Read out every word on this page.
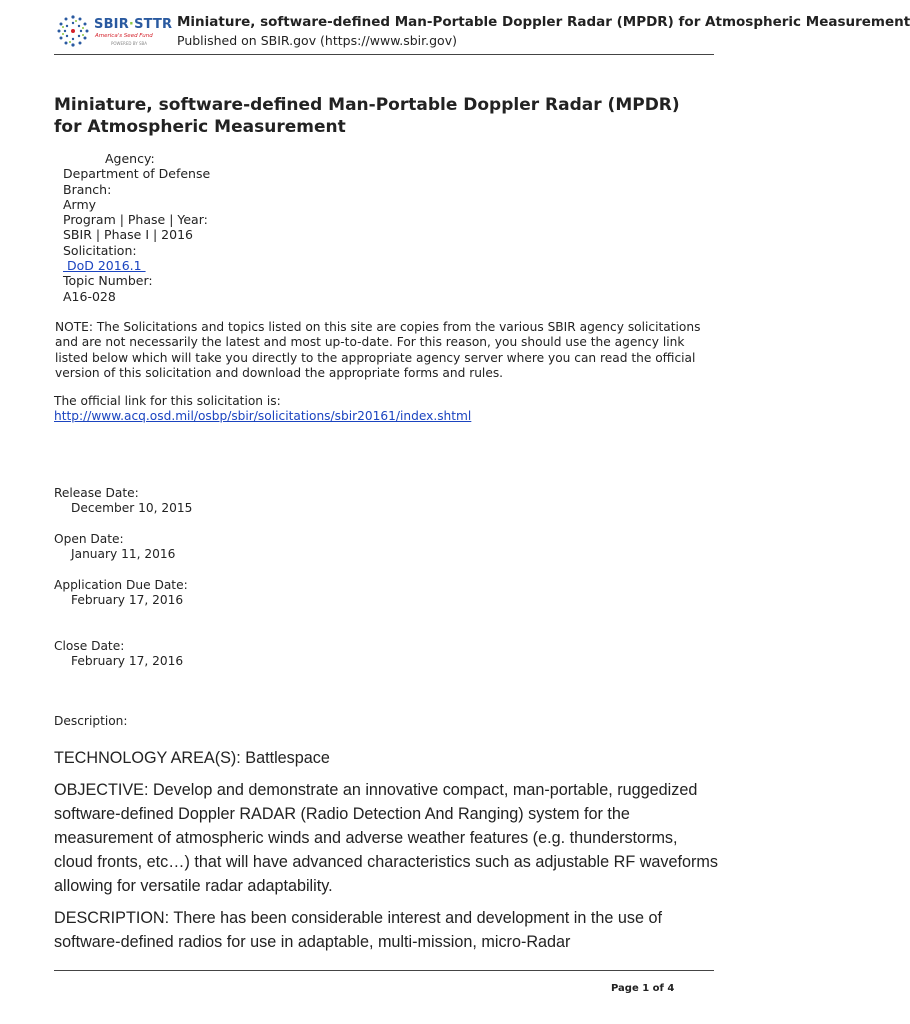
SBIR·STTR
America's Seed Fund
POWERED BY SBA
Miniature, software-defined Man-Portable Doppler Radar (MPDR) for Atmospheric Measurement
Published on SBIR.gov (https://www.sbir.gov)
Miniature, software-defined Man-Portable Doppler Radar (MPDR) for Atmospheric Measurement
Agency:
Department of Defense
Branch:
Army
Program | Phase | Year:
SBIR | Phase I | 2016
Solicitation:
DoD 2016.1
Topic Number:
A16-028
NOTE: The Solicitations and topics listed on this site are copies from the various SBIR agency solicitations and are not necessarily the latest and most up-to-date. For this reason, you should use the agency link listed below which will take you directly to the appropriate agency server where you can read the official version of this solicitation and download the appropriate forms and rules.
The official link for this solicitation is:
http://www.acq.osd.mil/osbp/sbir/solicitations/sbir20161/index.shtml
Release Date:
December 10, 2015
Open Date:
January 11, 2016
Application Due Date:
February 17, 2016
Close Date:
February 17, 2016
Description:

TECHNOLOGY AREA(S): Battlespace

OBJECTIVE: Develop and demonstrate an innovative compact, man-portable, ruggedized software-defined Doppler RADAR (Radio Detection And Ranging) system for the measurement of atmospheric winds and adverse weather features (e.g. thunderstorms, cloud fronts, etc…) that will have advanced characteristics such as adjustable RF waveforms allowing for versatile radar adaptability.

DESCRIPTION: There has been considerable interest and development in the use of software-defined radios for use in adaptable, multi-mission, micro-Radar

Page 1 of 4
